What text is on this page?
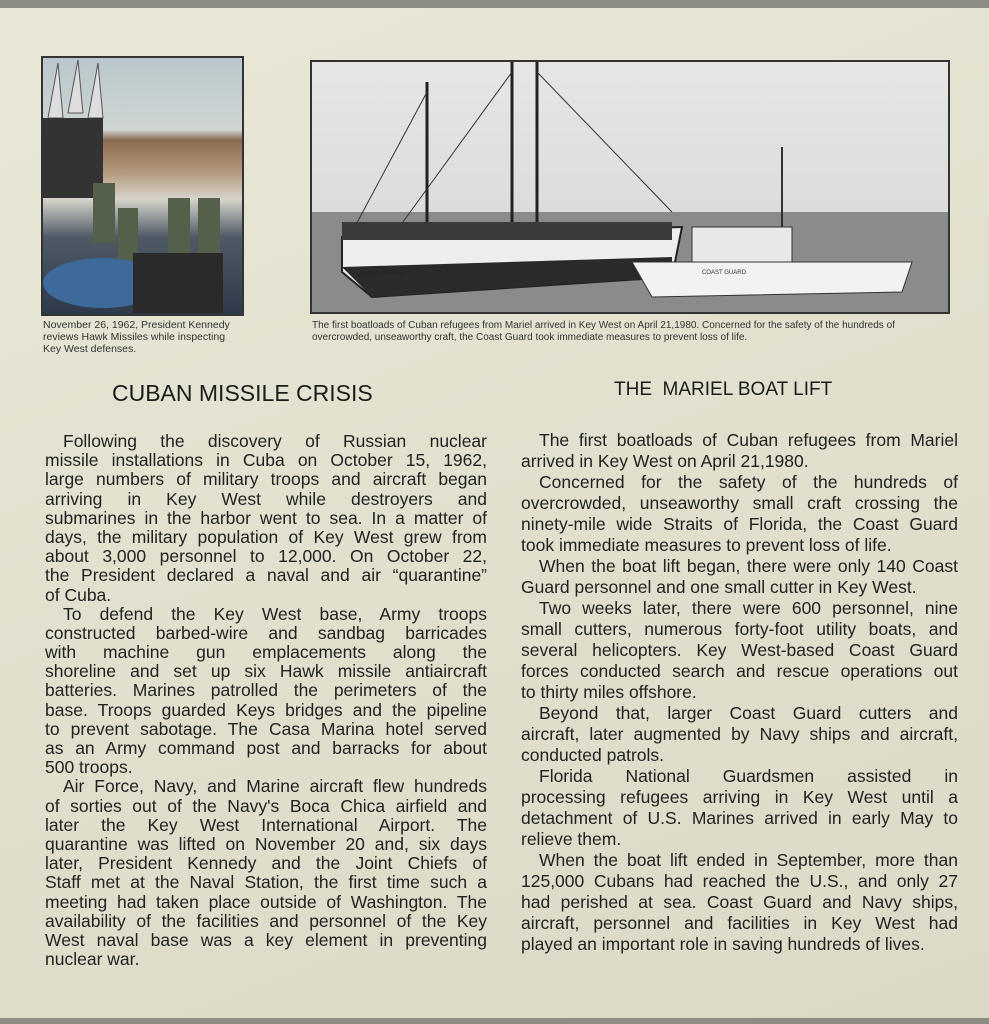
LADY VIRGO	COAST GUARD
November 26, 1962, President Kennedy
reviews Hawk Missiles while inspecting
Key West defenses.
The first boatloads of Cuban refugees from Mariel arrived in Key West on April 21,1980. Concerned for the safety of the hundreds of
overcrowded, unseaworthy craft, the Coast Guard took immediate measures to prevent loss of life.
CUBAN MISSILE CRISIS	THE  MARIEL BOAT LIFT
Following the discovery of Russian nuclear
missile installations in Cuba on October 15, 1962,
large numbers of military troops and aircraft began
arriving in Key West while destroyers and
submarines in the harbor went to sea. In a matter of
days, the military population of Key West grew from
about 3,000 personnel to 12,000. On October 22,
the President declared a naval and air “quarantine”
of Cuba.
To defend the Key West base, Army troops
constructed barbed-wire and sandbag barricades
with machine gun emplacements along the
shoreline and set up six Hawk missile antiaircraft
batteries. Marines patrolled the perimeters of the
base. Troops guarded Keys bridges and the pipeline
to prevent sabotage. The Casa Marina hotel served
as an Army command post and barracks for about
500 troops.
Air Force, Navy, and Marine aircraft flew hundreds
of sorties out of the Navy's Boca Chica airfield and
later the Key West International Airport. The
quarantine was lifted on November 20 and, six days
later, President Kennedy and the Joint Chiefs of
Staff met at the Naval Station, the first time such a
meeting had taken place outside of Washington. The
availability of the facilities and personnel of the Key
West naval base was a key element in preventing
nuclear war.
The first boatloads of Cuban refugees from Mariel
arrived in Key West on April 21,1980.
Concerned for the safety of the hundreds of
overcrowded, unseaworthy small craft crossing the
ninety-mile wide Straits of Florida, the Coast Guard
took immediate measures to prevent loss of life.
When the boat lift began, there were only 140 Coast
Guard personnel and one small cutter in Key West.
Two weeks later, there were 600 personnel, nine
small cutters, numerous forty-foot utility boats, and
several helicopters. Key West-based Coast Guard
forces conducted search and rescue operations out
to thirty miles offshore.
Beyond that, larger Coast Guard cutters and
aircraft, later augmented by Navy ships and aircraft,
conducted patrols.
Florida National Guardsmen assisted in
processing refugees arriving in Key West until a
detachment of U.S. Marines arrived in early May to
relieve them.
When the boat lift ended in September, more than
125,000 Cubans had reached the U.S., and only 27
had perished at sea. Coast Guard and Navy ships,
aircraft, personnel and facilities in Key West had
played an important role in saving hundreds of lives.
